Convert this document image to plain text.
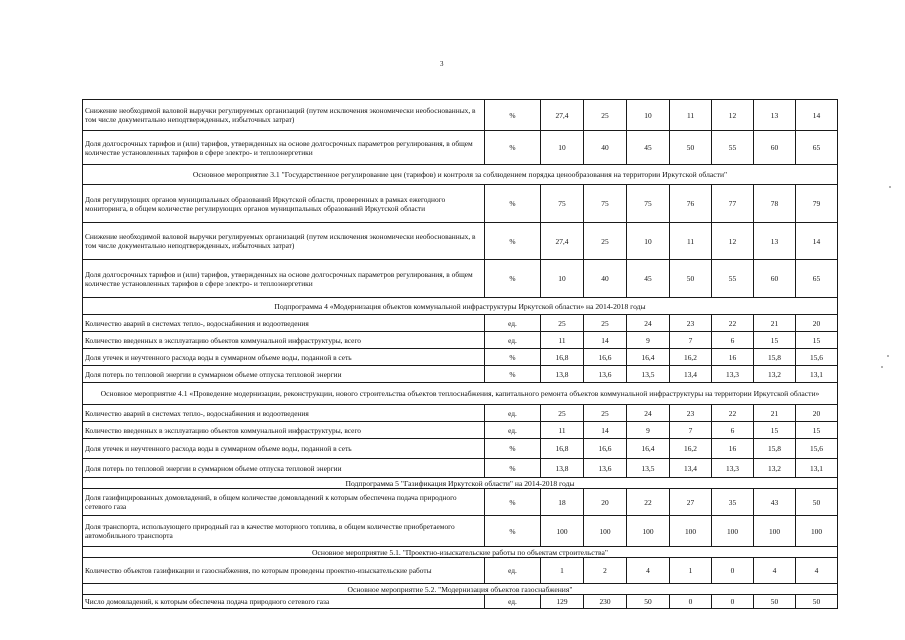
3
Снижение необходимой валовой выручки регулируемых организаций (путем исключения экономически необоснованных, в том числе документально неподтвержденных, избыточных затрат)	%	27,4	25	10	11	12	13	14
Доля долгосрочных тарифов и (или) тарифов, утвержденных на основе долгосрочных параметров регулирования, в общем количестве установленных тарифов в сфере электро- и теплоэнергетики	%	10	40	45	50	55	60	65
Основное мероприятие 3.1 "Государственное регулирование цен (тарифов) и контроля за соблюдением порядка ценообразования на территории Иркутской области"								
Доля регулирующих органов муниципальных образований Иркутской области, проверенных в рамках ежегодного мониторинга, в общем количестве регулирующих органов муниципальных образований Иркутской области	%	75	75	75	76	77	78	79
Снижение необходимой валовой выручки регулируемых организаций (путем исключения экономически необоснованных, в том числе документально неподтвержденных, избыточных затрат)	%	27,4	25	10	11	12	13	14
Доля долгосрочных тарифов и (или) тарифов, утвержденных на основе долгосрочных параметров регулирования, в общем количестве установленных тарифов в сфере электро- и теплоэнергетики	%	10	40	45	50	55	60	65
Подпрограмма 4 «Модернизация объектов коммунальной инфраструктуры Иркутской области» на 2014-2018 годы								
Количество аварий в системах тепло-, водоснабжения и водоотведения	ед.	25	25	24	23	22	21	20
Количество введенных в эксплуатацию объектов коммунальной инфраструктуры, всего	ед.	11	14	9	7	6	15	15
Доля утечек и неучтенного расхода воды в суммарном объеме воды, поданной в сеть	%	16,8	16,6	16,4	16,2	16	15,8	15,6
Доля потерь по тепловой энергии в суммарном объеме отпуска тепловой энергии	%	13,8	13,6	13,5	13,4	13,3	13,2	13,1
Основное мероприятие 4.1 «Проведение модернизации, реконструкции, нового строительства объектов теплоснабжения, капитального ремонта объектов коммунальной инфраструктуры на территории Иркутской области»								
Количество аварий в системах тепло-, водоснабжения и водоотведения	ед.	25	25	24	23	22	21	20
Количество введенных в эксплуатацию объектов коммунальной инфраструктуры, всего	ед.	11	14	9	7	6	15	15
Доля утечек и неучтенного расхода воды в суммарном объеме воды, поданной в сеть	%	16,8	16,6	16,4	16,2	16	15,8	15,6
Доля потерь по тепловой энергии в суммарном объеме отпуска тепловой энергии	%	13,8	13,6	13,5	13,4	13,3	13,2	13,1
Подпрограмма 5 "Газификация Иркутской области" на 2014-2018 годы								
Доля газифицированных домовладений, в общем количестве домовладений к которым обеспечена подача природного сетевого газа	%	18	20	22	27	35	43	50
Доля транспорта, использующего природный газ в качестве моторного топлива, в общем количестве приобретаемого автомобильного транспорта	%	100	100	100	100	100	100	100
Основное мероприятие 5.1. "Проектно-изыскательские работы по объектам строительства"								
Количество объектов газификации и газоснабжения, по которым проведены проектно-изыскательские работы	ед.	1	2	4	1	0	4	4
Основное мероприятие 5.2. "Модернизация объектов газоснабжения"								
Число домовладений, к которым обеспечена подача природного сетевого газа	ед.	129	230	50	0	0	50	50
